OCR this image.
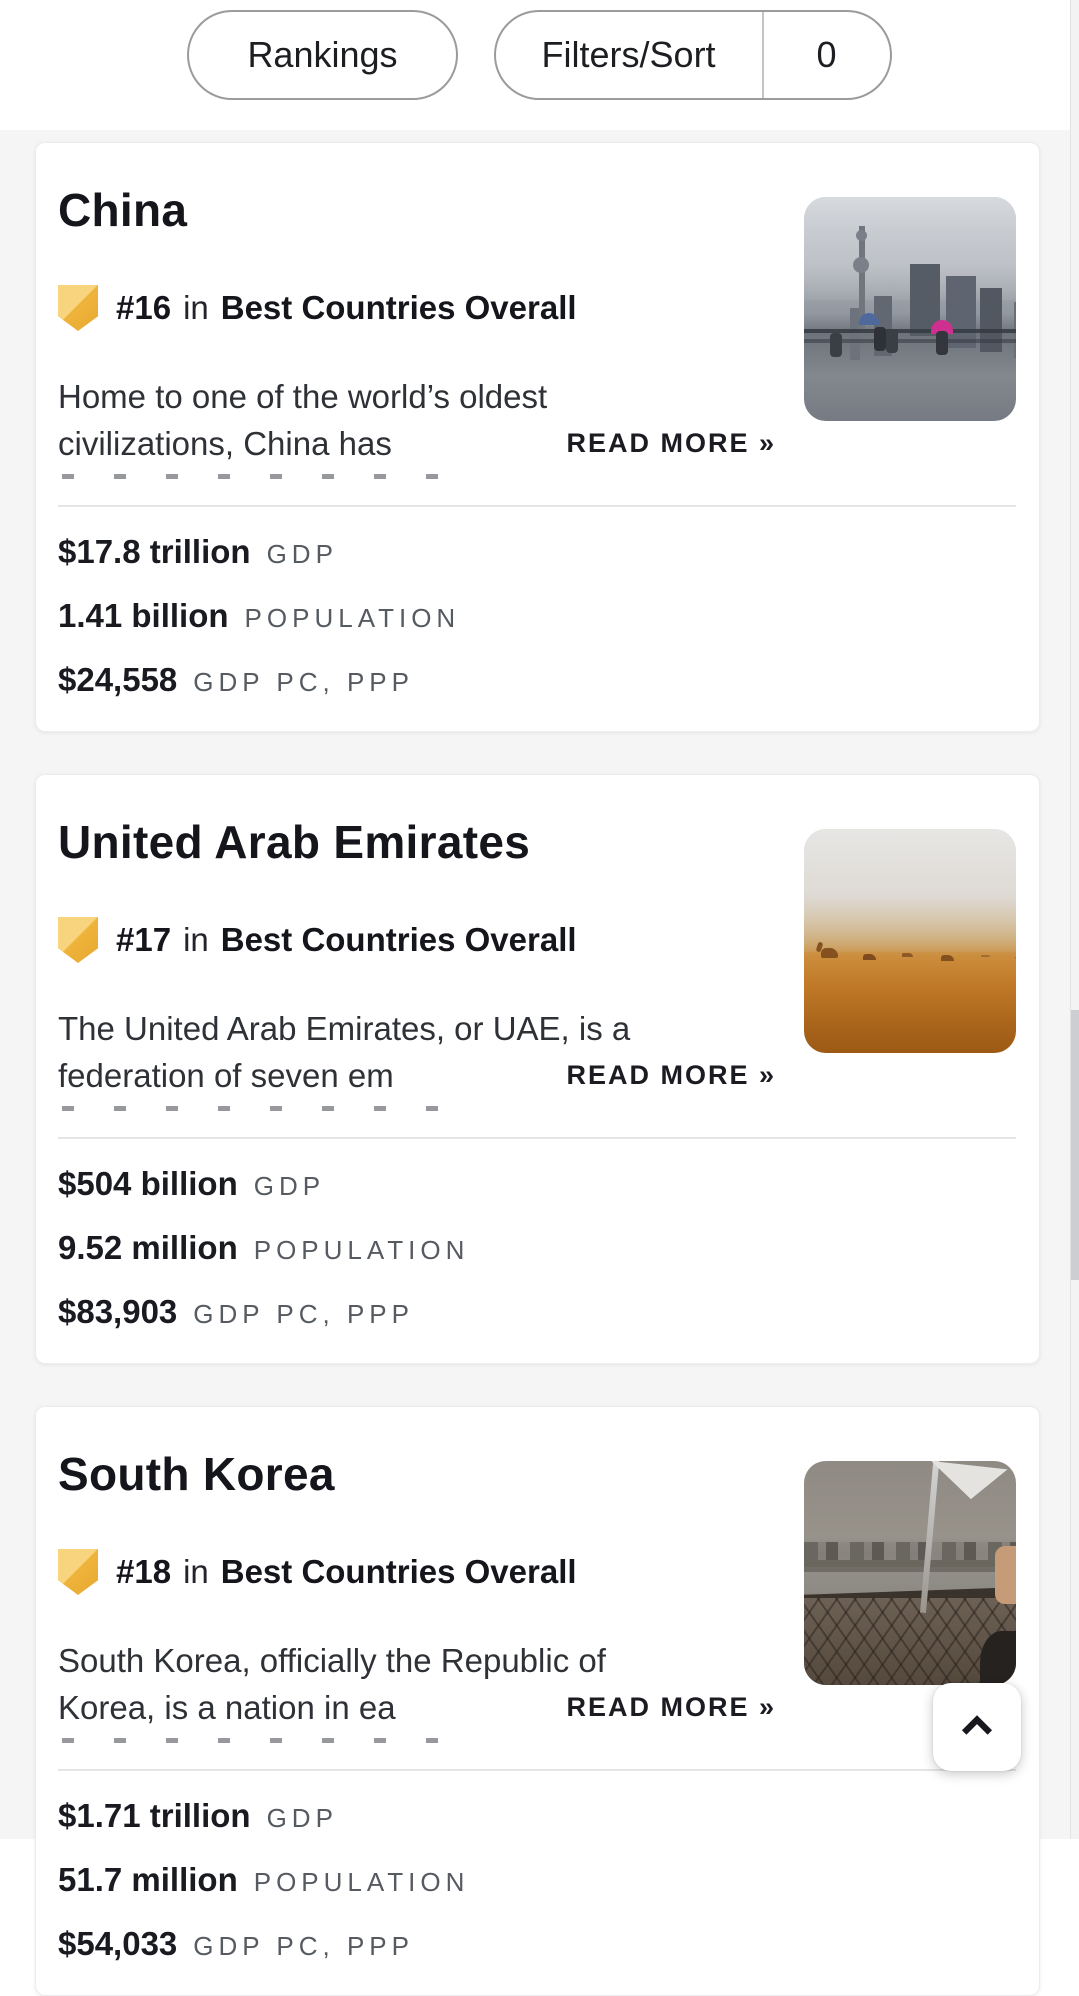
Rankings	Filters/Sort	0
China
#16 in Best Countries Overall
Home to one of the world’s oldest
civilizations, China has	READ MORE »
$17.8 trillion GDP
1.41 billion POPULATION
$24,558 GDP PC, PPP
United Arab Emirates
#17 in Best Countries Overall
The United Arab Emirates, or UAE, is a
federation of seven em	READ MORE »
$504 billion GDP
9.52 million POPULATION
$83,903 GDP PC, PPP
South Korea
#18 in Best Countries Overall
South Korea, officially the Republic of
Korea, is a nation in ea	READ MORE »
$1.71 trillion GDP
51.7 million POPULATION
$54,033 GDP PC, PPP
